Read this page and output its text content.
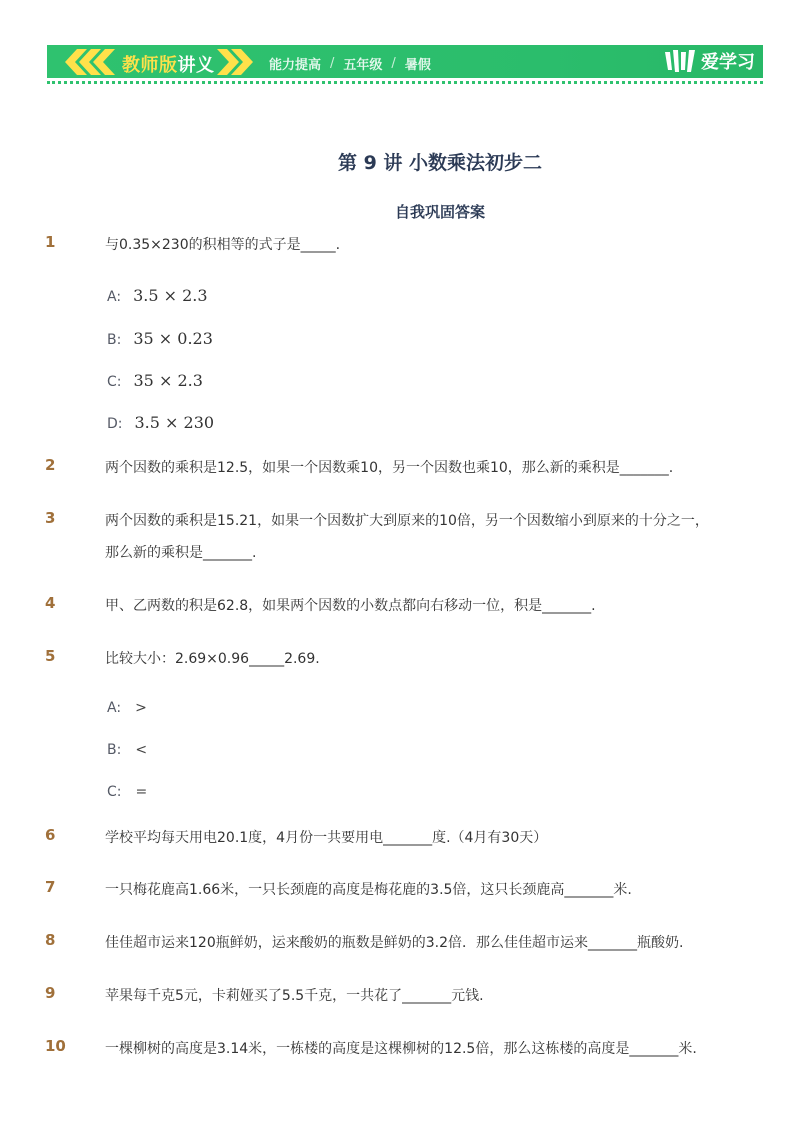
教师版讲义	能力提高 / 五年级 / 暑假	爱学习
第 9 讲 小数乘法初步二
自我巩固答案
1	与0.35×230的积相等的式子是_____.
A: 3.5 × 2.3
B: 35 × 0.23
C: 35 × 2.3
D: 3.5 × 230
2	两个因数的乘积是12.5，如果一个因数乘10，另一个因数也乘10，那么新的乘积是_______.
3	两个因数的乘积是15.21，如果一个因数扩大到原来的10倍，另一个因数缩小到原来的十分之一，
那么新的乘积是_______.
4	甲、乙两数的积是62.8，如果两个因数的小数点都向右移动一位，积是_______.
5	比较大小：2.69×0.96_____2.69.
A: >
B: <
C: =
6	学校平均每天用电20.1度，4月份一共要用电_______度.（4月有30天）
7	一只梅花鹿高1.66米，一只长颈鹿的高度是梅花鹿的3.5倍，这只长颈鹿高_______米.
8	佳佳超市运来120瓶鲜奶，运来酸奶的瓶数是鲜奶的3.2倍．那么佳佳超市运来_______瓶酸奶.
9	苹果每千克5元，卡莉娅买了5.5千克，一共花了_______元钱.
10	一棵柳树的高度是3.14米，一栋楼的高度是这棵柳树的12.5倍，那么这栋楼的高度是_______米.
